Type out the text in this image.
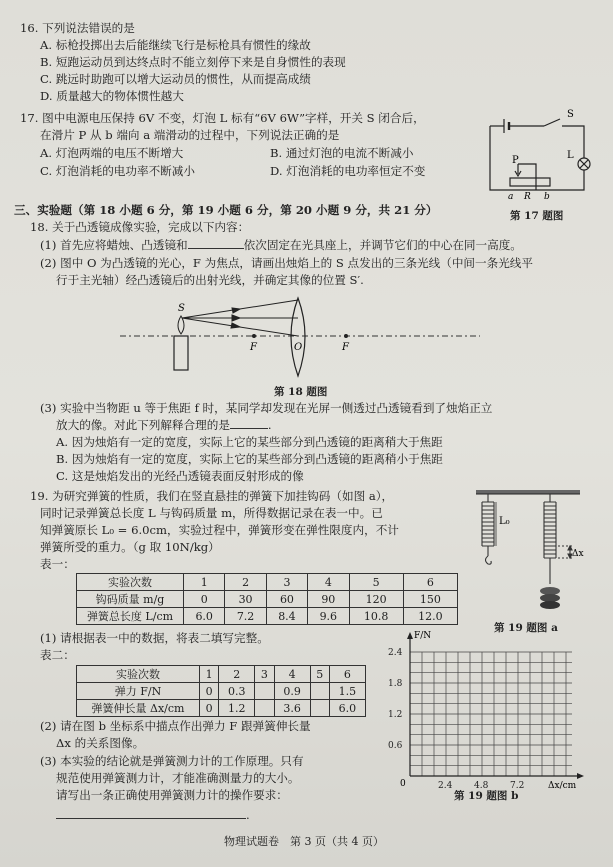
16. 下列说法错误的是
A. 标枪投掷出去后能继续飞行是标枪具有惯性的缘故
B. 短跑运动员到达终点时不能立刻停下来是自身惯性的表现
C. 跳远时助跑可以增大运动员的惯性，从而提高成绩
D. 质量越大的物体惯性越大
17. 图中电源电压保持 6V 不变，灯泡 L 标有“6V 6W”字样，开关 S 闭合后，
在滑片 P 从 b 端向 a 端滑动的过程中，下列说法正确的是
A. 灯泡两端的电压不断增大	B. 通过灯泡的电流不断减小
C. 灯泡消耗的电功率不断减小	D. 灯泡消耗的电功率恒定不变
S
L
P
a R b
第 17 题图
三、实验题（第 18 小题 6 分，第 19 小题 6 分，第 20 小题 9 分，共 21 分）
18. 关于凸透镜成像实验，完成以下内容：
(1) 首先应将蜡烛、凸透镜和	依次固定在光具座上，并调节它们的中心在同一高度。
(2) 图中 O 为凸透镜的光心，F 为焦点，请画出烛焰上的 S 点发出的三条光线（中间一条光线平
行于主光轴）经凸透镜后的出射光线，并确定其像的位置 S′.
S
F	O	F
第 18 题图
(3) 实验中当物距 u 等于焦距 f 时，某同学却发现在光屏一侧透过凸透镜看到了烛焰正立
放大的像。对此下列解释合理的是	.
A. 因为烛焰有一定的宽度，实际上它的某些部分到凸透镜的距离稍大于焦距
B. 因为烛焰有一定的宽度，实际上它的某些部分到凸透镜的距离稍小于焦距
C. 这是烛焰发出的光经凸透镜表面反射形成的像
19. 为研究弹簧的性质，我们在竖直悬挂的弹簧下加挂钩码（如图 a），
同时记录弹簧总长度 L 与钩码质量 m，所得数据记录在表一中。已
知弹簧原长 L₀ = 6.0cm，实验过程中，弹簧形变在弹性限度内，不计
弹簧所受的重力。（g 取 10N/kg）
表一：
实验次数	1	2	3	4	5	6
钩码质量 m/g	0	30	60	90	120	150
弹簧总长度 L/cm	6.0	7.2	8.4	9.6	10.8	12.0
(1) 请根据表一中的数据，将表二填写完整。
表二：
实验次数	1	2	3	4	5	6
弹力 F/N	0	0.3		0.9		1.5
弹簧伸长量 Δx/cm	0	1.2		3.6		6.0
(2) 请在图 b 坐标系中描点作出弹力 F 跟弹簧伸长量
Δx 的关系图像。
(3) 本实验的结论就是弹簧测力计的工作原理。只有
规范使用弹簧测力计，才能准确测量力的大小。
请写出一条正确使用弹簧测力计的操作要求：
.
L₀
Δx
第 19 题图 a
2.4 4.8 7.2
0.6
1.2
1.8
2.4
F/N
Δx/cm
0
第 19 题图 b
物理试题卷　第 3 页（共 4 页）
